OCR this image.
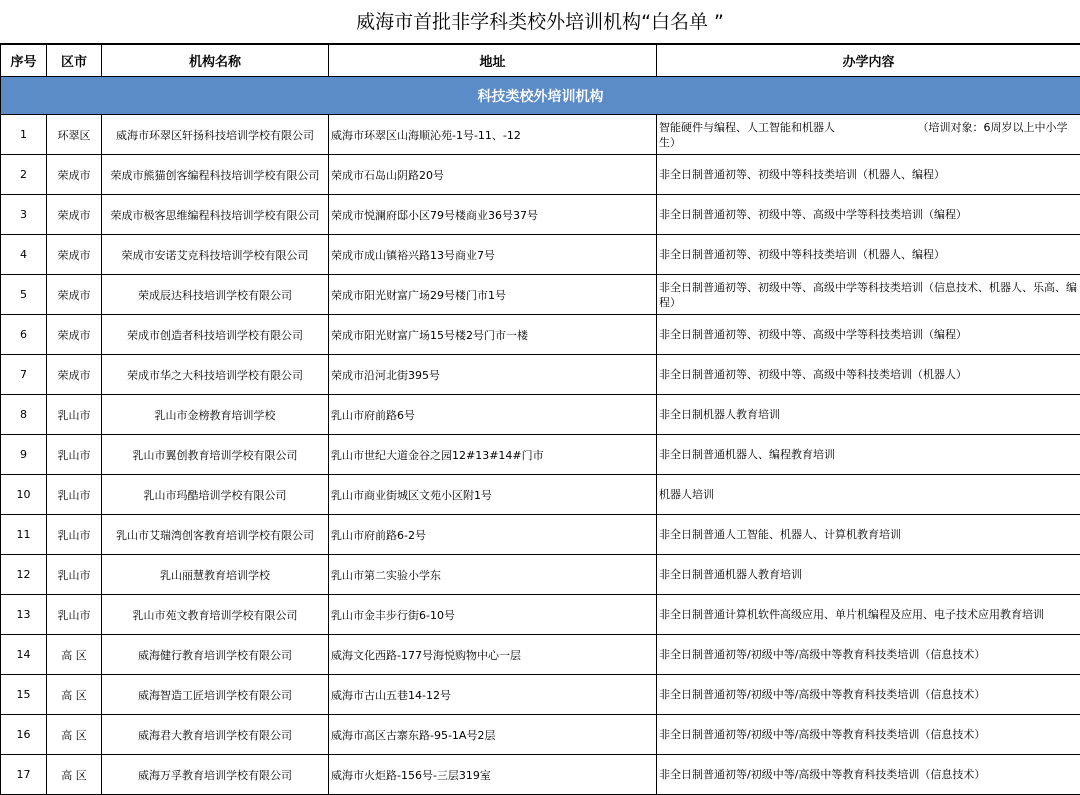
威海市首批非学科类校外培训机构“白名单 ”
序号	区市	机构名称	地址	办学内容
科技类校外培训机构				
1	环翠区	威海市环翠区轩扬科技培训学校有限公司	威海市环翠区山海顺沁苑-1号-11、-12	智能硬件与编程、人工智能和机器人　　　　　　　　（培训对象：6周岁以上中小学生）
2	荣成市	荣成市熊猫创客编程科技培训学校有限公司	荣成市石岛山阴路20号	非全日制普通初等、初级中等科技类培训（机器人、编程）
3	荣成市	荣成市极客思维编程科技培训学校有限公司	荣成市悦澜府邸小区79号楼商业36号37号	非全日制普通初等、初级中等、高级中学等科技类培训（编程）
4	荣成市	荣成市安诺艾克科技培训学校有限公司	荣成市成山镇裕兴路13号商业7号	非全日制普通初等、初级中等科技类培训（机器人、编程）
5	荣成市	荣成辰达科技培训学校有限公司	荣成市阳光财富广场29号楼门市1号	非全日制普通初等、初级中等、高级中学等科技类培训（信息技术、机器人、乐高、编程）
6	荣成市	荣成市创造者科技培训学校有限公司	荣成市阳光财富广场15号楼2号门市一楼	非全日制普通初等、初级中等、高级中学等科技类培训（编程）
7	荣成市	荣成市华之大科技培训学校有限公司	荣成市沿河北街395号	非全日制普通初等、初级中等、高级中等科技类培训（机器人）
8	乳山市	乳山市金榜教育培训学校	乳山市府前路6号	非全日制机器人教育培训
9	乳山市	乳山市翼创教育培训学校有限公司	乳山市世纪大道金谷之园12#13#14#门市	非全日制普通机器人、编程教育培训
10	乳山市	乳山市玛酷培训学校有限公司	乳山市商业街城区文苑小区附1号	机器人培训
11	乳山市	乳山市艾瑞湾创客教育培训学校有限公司	乳山市府前路6-2号	非全日制普通人工智能、机器人、计算机教育培训
12	乳山市	乳山丽慧教育培训学校	乳山市第二实验小学东	非全日制普通机器人教育培训
13	乳山市	乳山市苑文教育培训学校有限公司	乳山市金丰步行街6-10号	非全日制普通计算机软件高级应用、单片机编程及应用、电子技术应用教育培训
14	高 区	威海健行教育培训学校有限公司	威海文化西路-177号海悦购物中心一层	非全日制普通初等/初级中等/高级中等教育科技类培训（信息技术）
15	高 区	威海智造工匠培训学校有限公司	威海市古山五巷14-12号	非全日制普通初等/初级中等/高级中等教育科技类培训（信息技术）
16	高 区	威海君大教育培训学校有限公司	威海市高区古寨东路-95-1A号2层	非全日制普通初等/初级中等/高级中等教育科技类培训（信息技术）
17	高 区	威海万孚教育培训学校有限公司	威海市火炬路-156号-三层319室	非全日制普通初等/初级中等/高级中等教育科技类培训（信息技术）
